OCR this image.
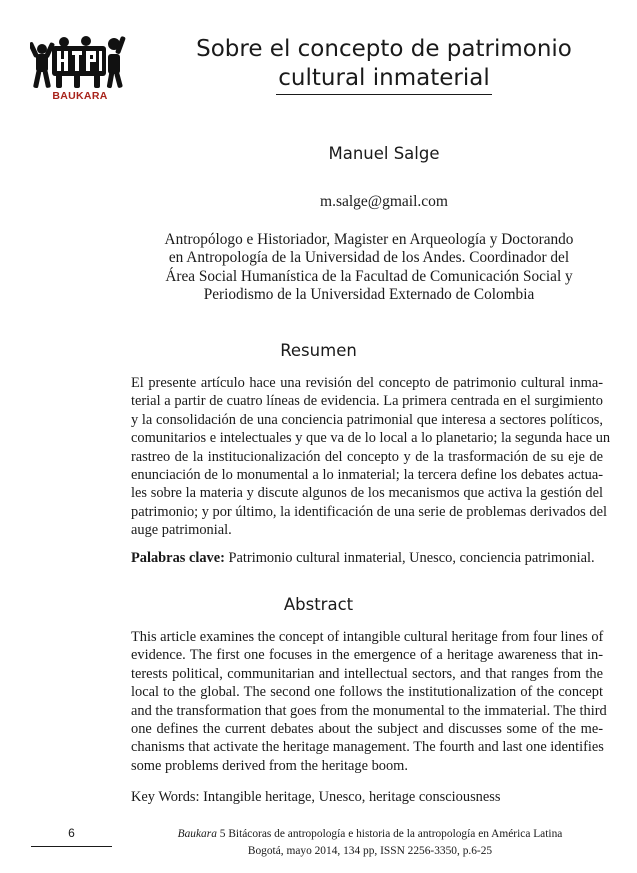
BAUKARA
Sobre el concepto de patrimonio
cultural inmaterial
Manuel Salge
m.salge@gmail.com
Antropólogo e Historiador, Magister en Arqueología y Doctorando
en Antropología de la Universidad de los Andes. Coordinador del
Área Social Humanística de la Facultad de Comunicación Social y
Periodismo de la Universidad Externado de Colombia
Resumen

El presente artículo hace una revisión del concepto de patrimonio cultural inma-
terial a partir de cuatro líneas de evidencia. La primera centrada en el surgimiento
y la consolidación de una conciencia patrimonial que interesa a sectores políticos,
comunitarios e intelectuales y que va de lo local a lo planetario; la segunda hace un
rastreo de la institucionalización del concepto y de la trasformación de su eje de
enunciación de lo monumental a lo inmaterial; la tercera define los debates actua-
les sobre la materia y discute algunos de los mecanismos que activa la gestión del
patrimonio; y por último, la identificación de una serie de problemas derivados del
auge patrimonial.

Palabras clave: Patrimonio cultural inmaterial, Unesco, conciencia patrimonial.
Abstract

This article examines the concept of intangible cultural heritage from four lines of
evidence. The first one focuses in the emergence of a heritage awareness that in-
terests political, communitarian and intellectual sectors, and that ranges from the
local to the global. The second one follows the institutionalization of the concept
and the transformation that goes from the monumental to the immaterial. The third
one defines the current debates about the subject and discusses some of the me-
chanisms that activate the heritage management. The fourth and last one identifies
some problems derived from the heritage boom.

Key Words: Intangible heritage, Unesco, heritage consciousness
6	Baukara 5 Bitácoras de antropología e historia de la antropología en América Latina
Bogotá, mayo 2014, 134 pp, ISSN 2256-3350, p.6-25
